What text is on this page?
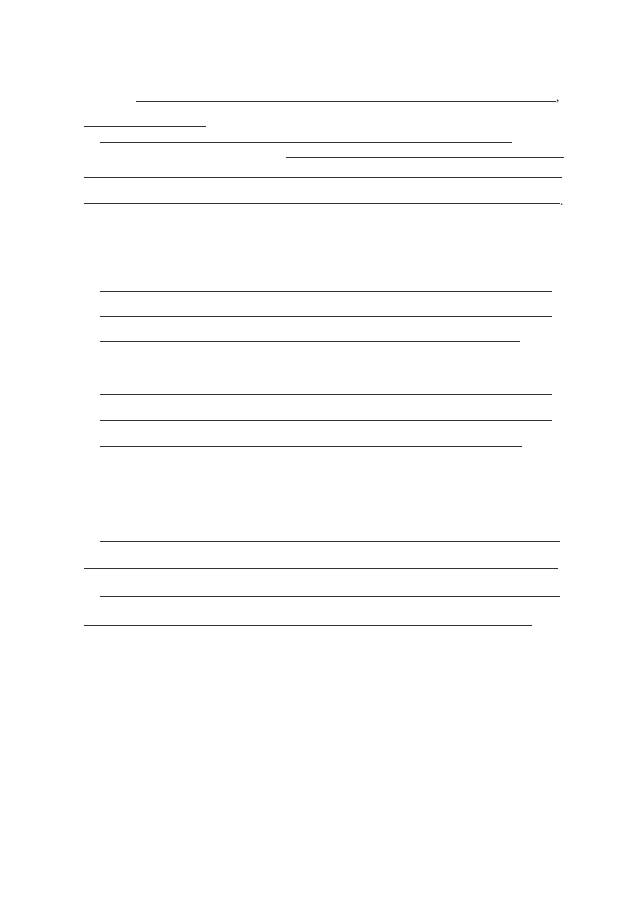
,
.
